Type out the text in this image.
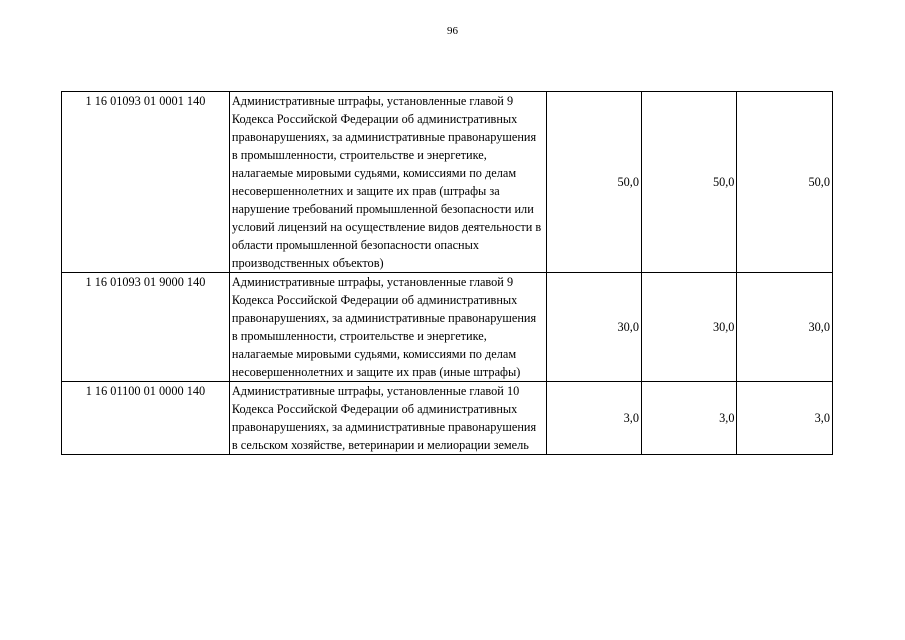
96
1 16 01093 01 0001 140	Административные штрафы, установленные главой 9 Кодекса Российской Федерации об административных правонарушениях, за административные правонарушения в промышленности, строительстве и энергетике, налагаемые мировыми судьями, комиссиями по делам несовершеннолетних и защите их прав (штрафы за нарушение требований промышленной безопасности или условий лицензий на осуществление видов деятельности в области промышленной безопасности опасных производственных объектов)	50,0	50,0	50,0
1 16 01093 01 9000 140	Административные штрафы, установленные главой 9 Кодекса Российской Федерации об административных правонарушениях, за административные правонарушения в промышленности, строительстве и энергетике, налагаемые мировыми судьями, комиссиями по делам несовершеннолетних и защите их прав (иные штрафы)	30,0	30,0	30,0
1 16 01100 01 0000 140	Административные штрафы, установленные главой 10 Кодекса Российской Федерации об административных правонарушениях, за административные правонарушения в сельском хозяйстве, ветеринарии и мелиорации земель	3,0	3,0	3,0
